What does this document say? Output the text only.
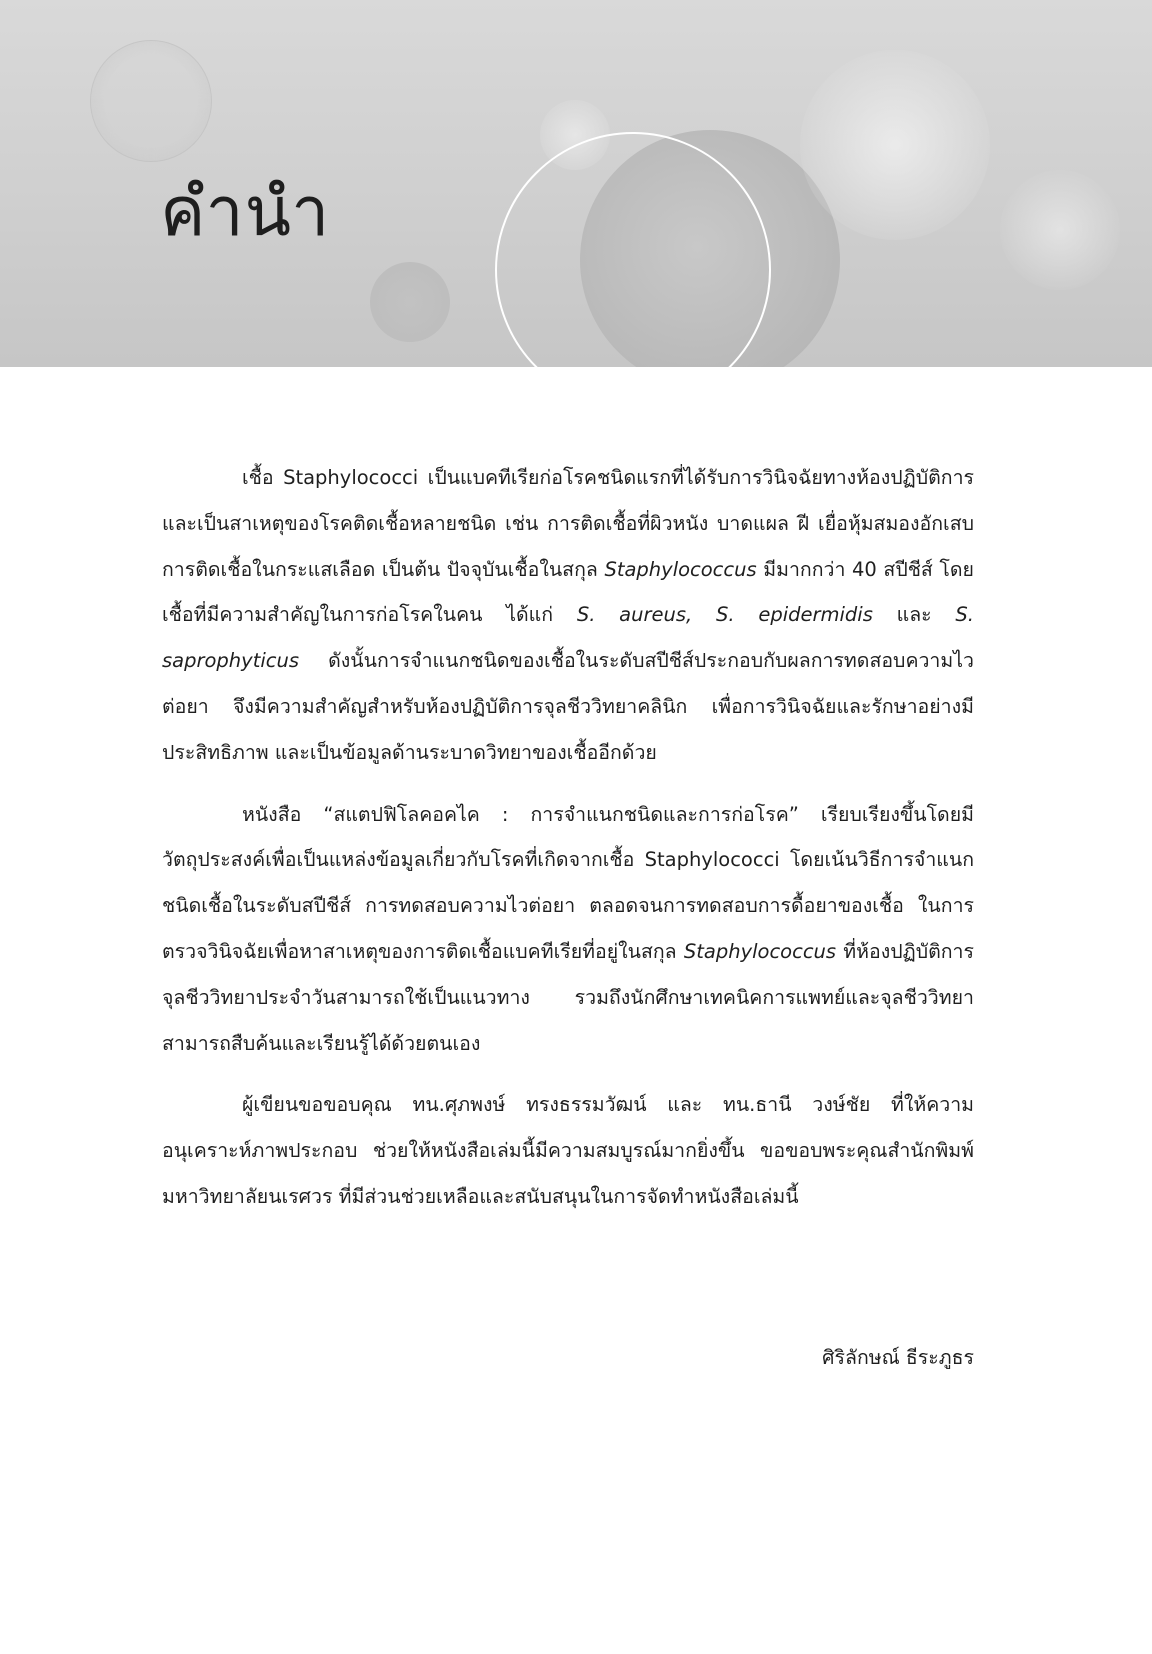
คำนำ

เชื้อ Staphylococci เป็นแบคทีเรียก่อโรคชนิดแรกที่ได้รับการวินิจฉัยทางห้องปฏิบัติการ และเป็นสาเหตุของโรคติดเชื้อหลายชนิด เช่น การติดเชื้อที่ผิวหนัง บาดแผล ฝี เยื่อหุ้มสมองอักเสบ การติดเชื้อในกระแสเลือด เป็นต้น ปัจจุบันเชื้อในสกุล Staphylococcus มีมากกว่า 40 สปีชีส์ โดยเชื้อที่มีความสำคัญในการก่อโรคในคน ได้แก่ S. aureus, S. epidermidis และ S. saprophyticus ดังนั้นการจำแนกชนิดของเชื้อในระดับสปีชีส์ประกอบกับผลการทดสอบความไวต่อยา จึงมีความสำคัญสำหรับห้องปฏิบัติการจุลชีววิทยาคลินิก เพื่อการวินิจฉัยและรักษาอย่างมีประสิทธิภาพ และเป็นข้อมูลด้านระบาดวิทยาของเชื้ออีกด้วย

หนังสือ “สแตปฟิโลคอคไค : การจำแนกชนิดและการก่อโรค” เรียบเรียงขึ้นโดยมีวัตถุประสงค์เพื่อเป็นแหล่งข้อมูลเกี่ยวกับโรคที่เกิดจากเชื้อ Staphylococci โดยเน้นวิธีการจำแนกชนิดเชื้อในระดับสปีชีส์ การทดสอบความไวต่อยา ตลอดจนการทดสอบการดื้อยาของเชื้อ ในการตรวจวินิจฉัยเพื่อหาสาเหตุของการติดเชื้อแบคทีเรียที่อยู่ในสกุล Staphylococcus ที่ห้องปฏิบัติการจุลชีววิทยาประจำวันสามารถใช้เป็นแนวทาง รวมถึงนักศึกษาเทคนิคการแพทย์และจุลชีววิทยาสามารถสืบค้นและเรียนรู้ได้ด้วยตนเอง

ผู้เขียนขอขอบคุณ ทน.ศุภพงษ์ ทรงธรรมวัฒน์ และ ทน.ธานี วงษ์ชัย ที่ให้ความอนุเคราะห์ภาพประกอบ ช่วยให้หนังสือเล่มนี้มีความสมบูรณ์มากยิ่งขึ้น ขอขอบพระคุณสำนักพิมพ์มหาวิทยาลัยนเรศวร ที่มีส่วนช่วยเหลือและสนับสนุนในการจัดทำหนังสือเล่มนี้

ศิริลักษณ์ ธีระภูธร
